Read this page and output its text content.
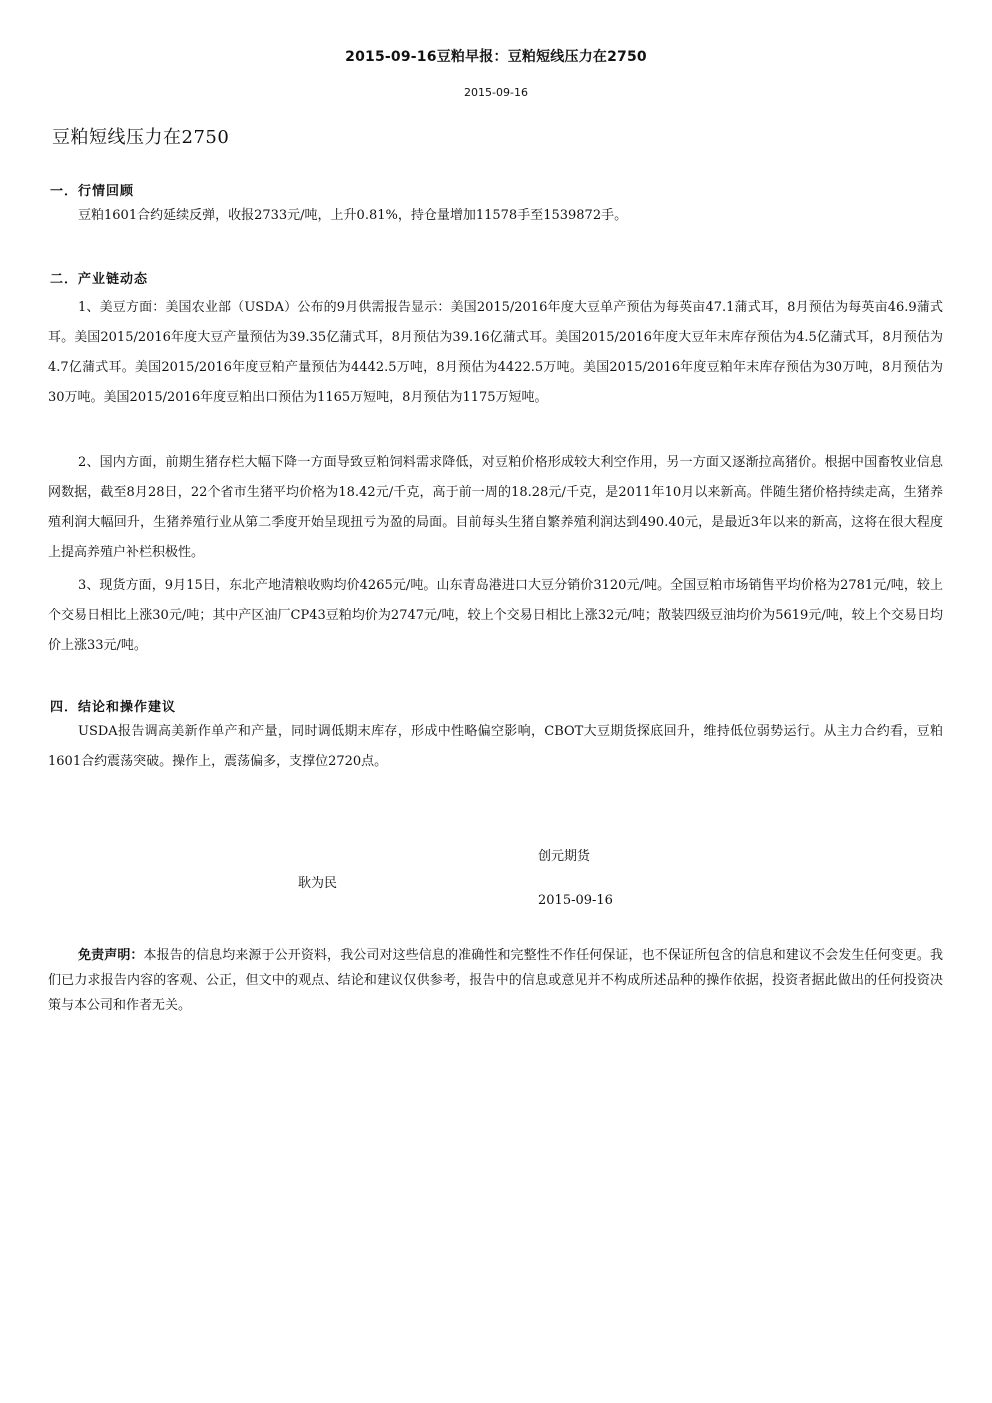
2015-09-16豆粕早报：豆粕短线压力在2750
2015-09-16
豆粕短线压力在2750
一．行情回顾

豆粕1601合约延续反弹，收报2733元/吨，上升0.81%，持仓量增加11578手至1539872手。

二．产业链动态

1、美豆方面：美国农业部（USDA）公布的9月供需报告显示：美国2015/2016年度大豆单产预估为每英亩47.1蒲式耳，8月预估为每英亩46.9蒲式耳。美国2015/2016年度大豆产量预估为39.35亿蒲式耳，8月预估为39.16亿蒲式耳。美国2015/2016年度大豆年末库存预估为4.5亿蒲式耳，8月预估为4.7亿蒲式耳。美国2015/2016年度豆粕产量预估为4442.5万吨，8月预估为4422.5万吨。美国2015/2016年度豆粕年末库存预估为30万吨，8月预估为30万吨。美国2015/2016年度豆粕出口预估为1165万短吨，8月预估为1175万短吨。

2、国内方面，前期生猪存栏大幅下降一方面导致豆粕饲料需求降低，对豆粕价格形成较大利空作用，另一方面又逐渐拉高猪价。根据中国畜牧业信息网数据，截至8月28日，22个省市生猪平均价格为18.42元/千克，高于前一周的18.28元/千克，是2011年10月以来新高。伴随生猪价格持续走高，生猪养殖利润大幅回升，生猪养殖行业从第二季度开始呈现扭亏为盈的局面。目前每头生猪自繁养殖利润达到490.40元，是最近3年以来的新高，这将在很大程度上提高养殖户补栏积极性。

3、现货方面，9月15日，东北产地清粮收购均价4265元/吨。山东青岛港进口大豆分销价3120元/吨。全国豆粕市场销售平均价格为2781元/吨，较上个交易日相比上涨30元/吨；其中产区油厂CP43豆粕均价为2747元/吨，较上个交易日相比上涨32元/吨；散装四级豆油均价为5619元/吨，较上个交易日均价上涨33元/吨。

四．结论和操作建议

USDA报告调高美新作单产和产量，同时调低期末库存，形成中性略偏空影响，CBOT大豆期货探底回升，维持低位弱势运行。从主力合约看，豆粕1601合约震荡突破。操作上，震荡偏多，支撑位2720点。

创元期货
耿为民
2015-09-16

免责声明：本报告的信息均来源于公开资料，我公司对这些信息的准确性和完整性不作任何保证，也不保证所包含的信息和建议不会发生任何变更。我们已力求报告内容的客观、公正，但文中的观点、结论和建议仅供参考，报告中的信息或意见并不构成所述品种的操作依据，投资者据此做出的任何投资决策与本公司和作者无关。
